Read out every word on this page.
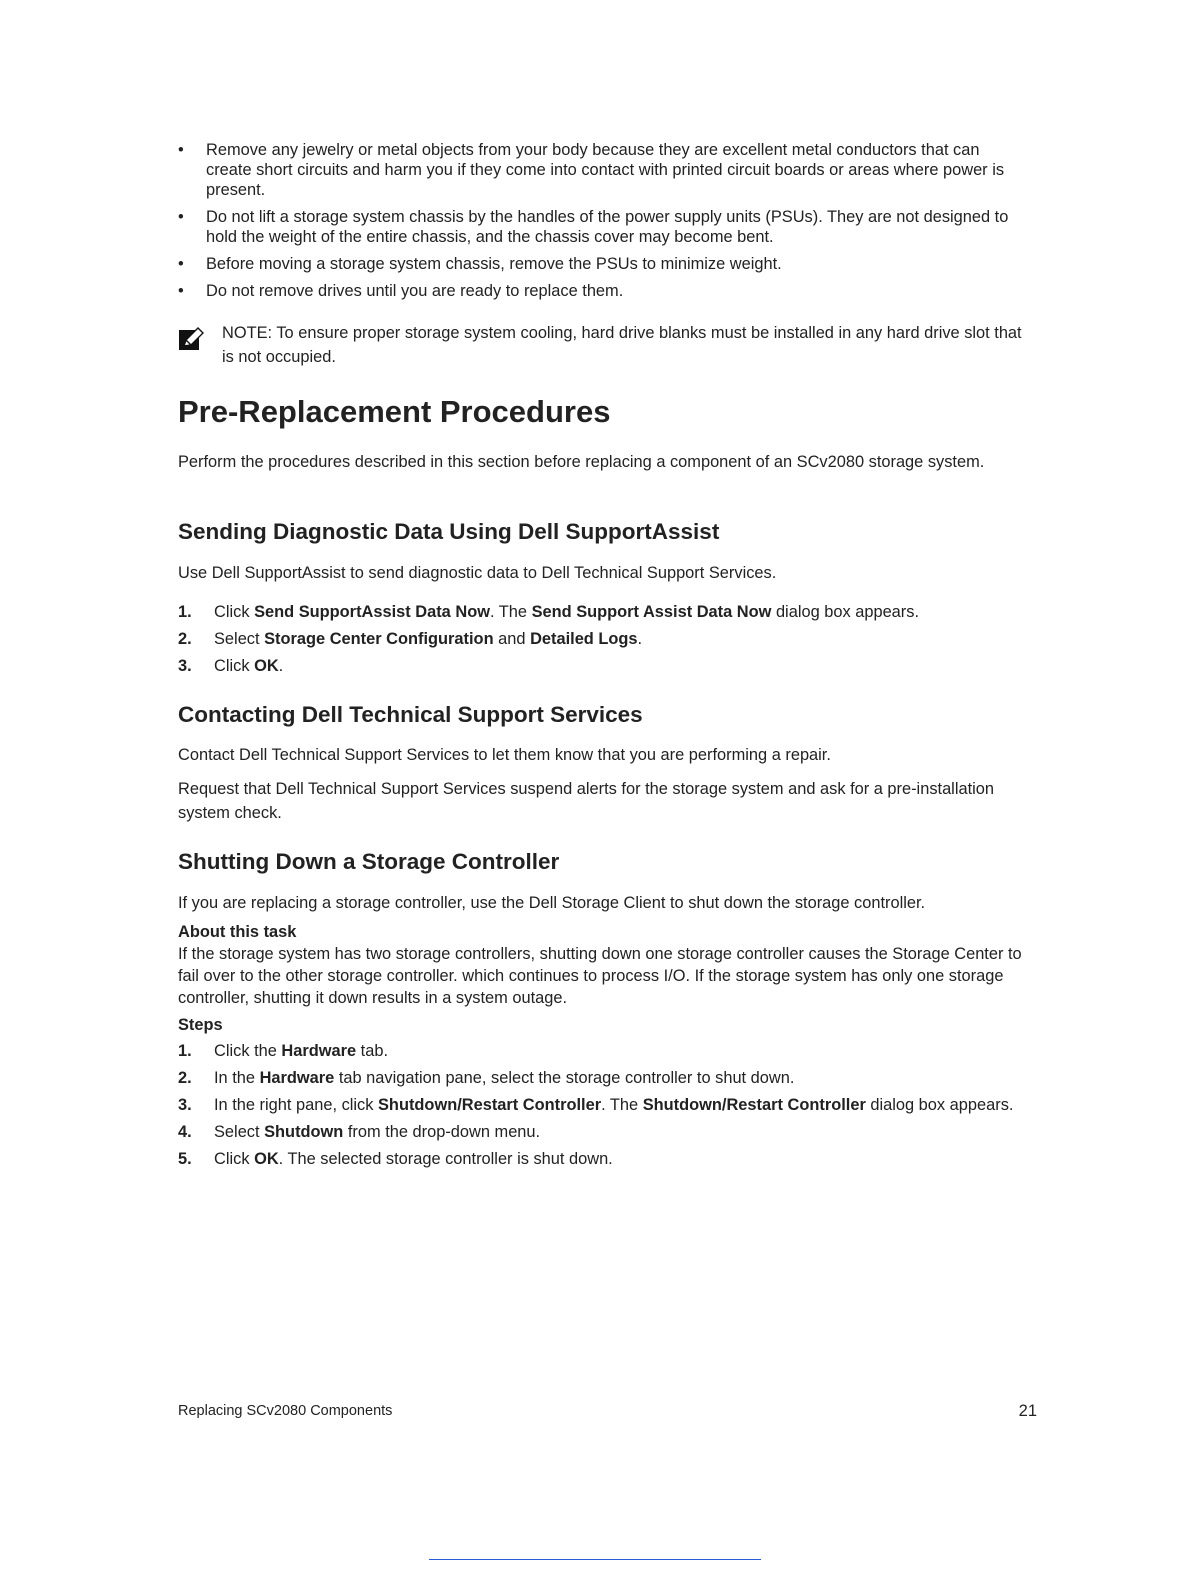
• Remove any jewelry or metal objects from your body because they are excellent metal conductors that can create short circuits and harm you if they come into contact with printed circuit boards or areas where power is present.
• Do not lift a storage system chassis by the handles of the power supply units (PSUs). They are not designed to hold the weight of the entire chassis, and the chassis cover may become bent.
• Before moving a storage system chassis, remove the PSUs to minimize weight.
• Do not remove drives until you are ready to replace them.
NOTE: To ensure proper storage system cooling, hard drive blanks must be installed in any hard drive slot that is not occupied.
Pre-Replacement Procedures

Perform the procedures described in this section before replacing a component of an SCv2080 storage system.

Sending Diagnostic Data Using Dell SupportAssist

Use Dell SupportAssist to send diagnostic data to Dell Technical Support Services.

1. Click Send SupportAssist Data Now. The Send Support Assist Data Now dialog box appears.
2. Select Storage Center Configuration and Detailed Logs.
3. Click OK.
Contacting Dell Technical Support Services

Contact Dell Technical Support Services to let them know that you are performing a repair.

Request that Dell Technical Support Services suspend alerts for the storage system and ask for a pre-installation system check.

Shutting Down a Storage Controller

If you are replacing a storage controller, use the Dell Storage Client to shut down the storage controller.

About this task

If the storage system has two storage controllers, shutting down one storage controller causes the Storage Center to fail over to the other storage controller. which continues to process I/O. If the storage system has only one storage controller, shutting it down results in a system outage.

Steps

1. Click the Hardware tab.
2. In the Hardware tab navigation pane, select the storage controller to shut down.
3. In the right pane, click Shutdown/Restart Controller. The Shutdown/Restart Controller dialog box appears.
4. Select Shutdown from the drop-down menu.
5. Click OK. The selected storage controller is shut down.
Replacing SCv2080 Components	21
